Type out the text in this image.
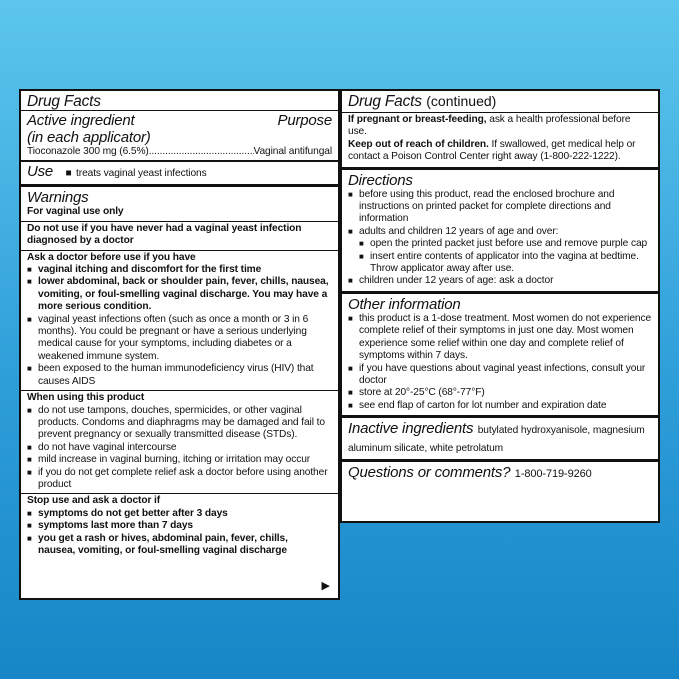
Drug Facts
Active ingredient	Purpose
(in each applicator)
Tioconazole 300 mg (6.5%)
.....	Vaginal antifungal
Use ■ treats vaginal yeast infections
Warnings
For vaginal use only
Do not use if you have never had a vaginal yeast infection diagnosed by a doctor
Ask a doctor before use if you have
■ vaginal itching and discomfort for the first time
■ lower abdominal, back or shoulder pain, fever, chills, nausea, vomiting, or foul-smelling vaginal discharge. You may have a more serious condition.
■ vaginal yeast infections often (such as once a month or 3 in 6 months). You could be pregnant or have a serious underlying medical cause for your symptoms, including diabetes or a weakened immune system.
■ been exposed to the human immunodeficiency virus (HIV) that causes AIDS
When using this product
■ do not use tampons, douches, spermicides, or other vaginal products. Condoms and diaphragms may be damaged and fail to prevent pregnancy or sexually transmitted disease (STDs).
■ do not have vaginal intercourse
■ mild increase in vaginal burning, itching or irritation may occur
■ if you do not get complete relief ask a doctor before using another product
Stop use and ask a doctor if
■ symptoms do not get better after 3 days
■ symptoms last more than 7 days
■ you get a rash or hives, abdominal pain, fever, chills, nausea, vomiting, or foul-smelling vaginal discharge
▶
Drug Facts (continued)
If pregnant or breast-feeding, ask a health professional before use.
Keep out of reach of children. If swallowed, get medical help or contact a Poison Control Center right away (1-800-222-1222).
Directions
■ before using this product, read the enclosed brochure and instructions on printed packet for complete directions and information
■ adults and children 12 years of age and over:
■ open the printed packet just before use and remove purple cap
■ insert entire contents of applicator into the vagina at bedtime. Throw applicator away after use.
■ children under 12 years of age: ask a doctor
Other information
■ this product is a 1-dose treatment. Most women do not experience complete relief of their symptoms in just one day. Most women experience some relief within one day and complete relief of symptoms within 7 days.
■ if you have questions about vaginal yeast infections, consult your doctor
■ store at 20°-25°C (68°-77°F)
■ see end flap of carton for lot number and expiration date
Inactive ingredients butylated hydroxyanisole, magnesium aluminum silicate, white petrolatum
Questions or comments? 1-800-719-9260
